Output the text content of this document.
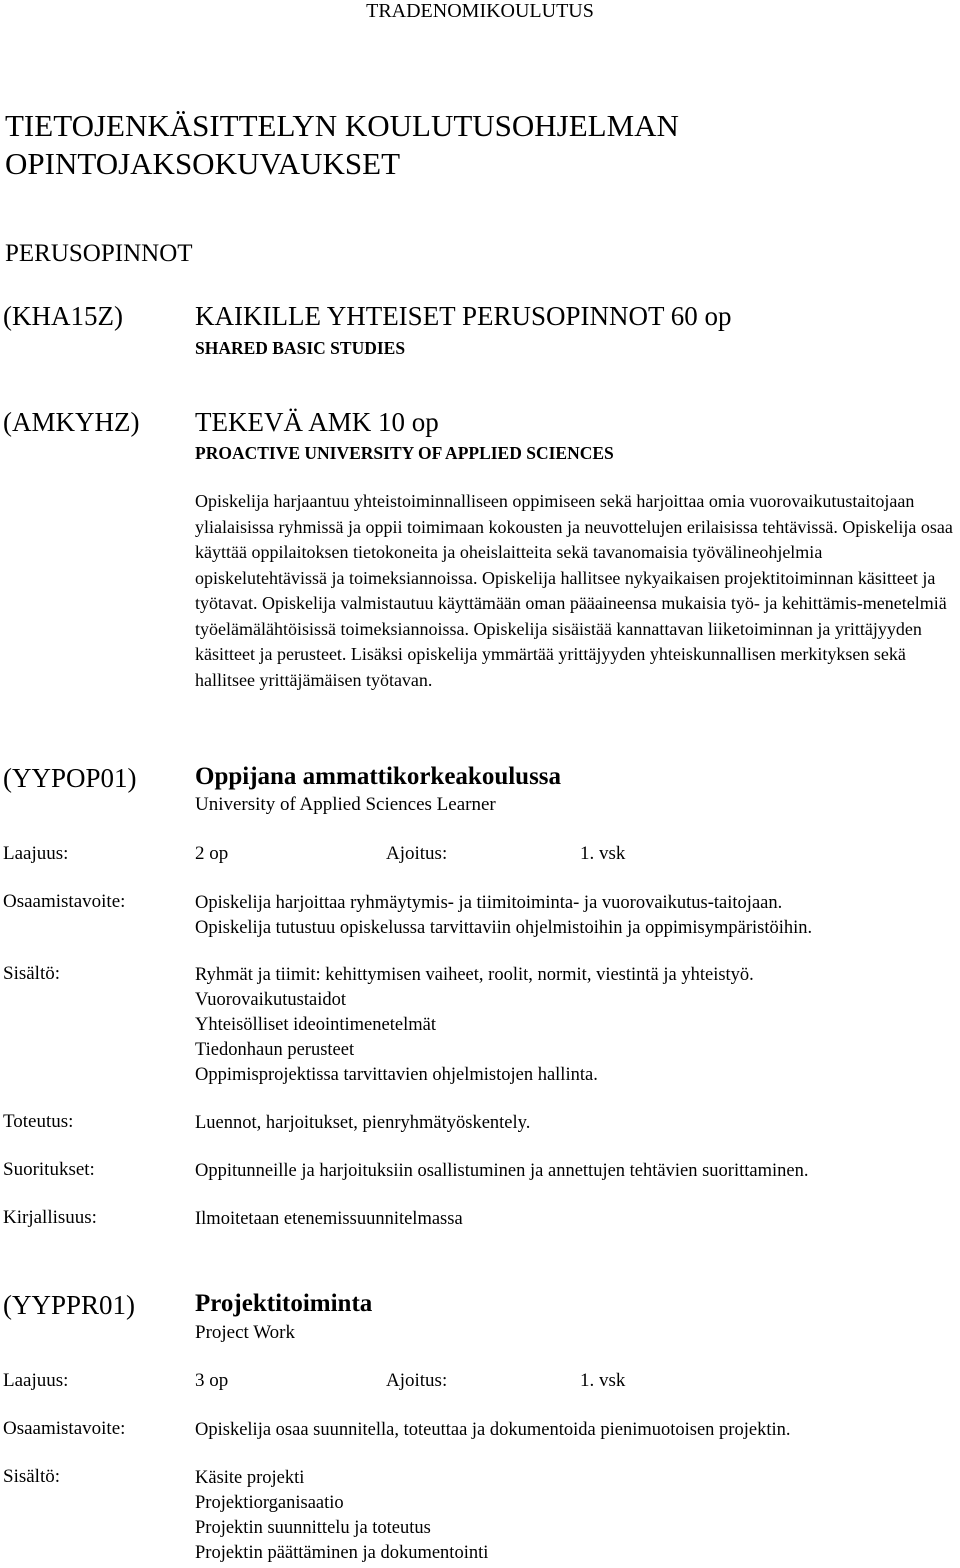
TRADENOMIKOULUTUS
TIETOJENKÄSITTELYN KOULUTUSOHJELMAN
OPINTOJAKSOKUVAUKSET
PERUSOPINNOT
(KHA15Z)	KAIKILLE YHTEISET PERUSOPINNOT 60 op
SHARED BASIC STUDIES
(AMKYHZ) TEKEVÄ AMK 10 op
PROACTIVE UNIVERSITY OF APPLIED SCIENCES
Opiskelija harjaantuu yhteistoiminnalliseen oppimiseen sekä harjoittaa omia vuorovaikutustaitojaan ylialaisissa ryhmissä ja oppii toimimaan kokousten ja neuvottelujen erilaisissa tehtävissä. Opiskelija osaa käyttää oppilaitoksen tietokoneita ja oheislaitteita sekä tavanomaisia työvälineohjelmia opiskelutehtävissä ja toimeksiannoissa. Opiskelija hallitsee nykyaikaisen projektitoiminnan käsitteet ja työtavat. Opiskelija valmistautuu käyttämään oman pääaineensa mukaisia työ- ja kehittämis-menetelmiä työelämälähtöisissä toimeksiannoissa. Opiskelija sisäistää kannattavan liiketoiminnan ja yrittäjyyden käsitteet ja perusteet. Lisäksi opiskelija ymmärtää yrittäjyyden yhteiskunnallisen merkityksen sekä hallitsee yrittäjämäisen työtavan.
(YYPOP01) Oppijana ammattikorkeakoulussa
University of Applied Sciences Learner
Laajuus:	2 op	Ajoitus:	1. vsk
Osaamistavoite:	Opiskelija harjoittaa ryhmäytymis- ja tiimitoiminta- ja vuorovaikutus-taitojaan.
Opiskelija tutustuu opiskelussa tarvittaviin ohjelmistoihin ja oppimisympäristöihin.
Sisältö:	Ryhmät ja tiimit: kehittymisen vaiheet, roolit, normit, viestintä ja yhteistyö.
Vuorovaikutustaidot
Yhteisölliset ideointimenetelmät
Tiedonhaun perusteet
Oppimisprojektissa tarvittavien ohjelmistojen hallinta.
Toteutus:	Luennot, harjoitukset, pienryhmätyöskentely.
Suoritukset:	Oppitunneille ja harjoituksiin osallistuminen ja annettujen tehtävien suorittaminen.
Kirjallisuus:	Ilmoitetaan etenemissuunnitelmassa
(YYPPR01) Projektitoiminta
Project Work
Laajuus:	3 op	Ajoitus:	1. vsk
Osaamistavoite:	Opiskelija osaa suunnitella, toteuttaa ja dokumentoida pienimuotoisen projektin.
Sisältö:	Käsite projekti
Projektiorganisaatio
Projektin suunnittelu ja toteutus
Projektin päättäminen ja dokumentointi
